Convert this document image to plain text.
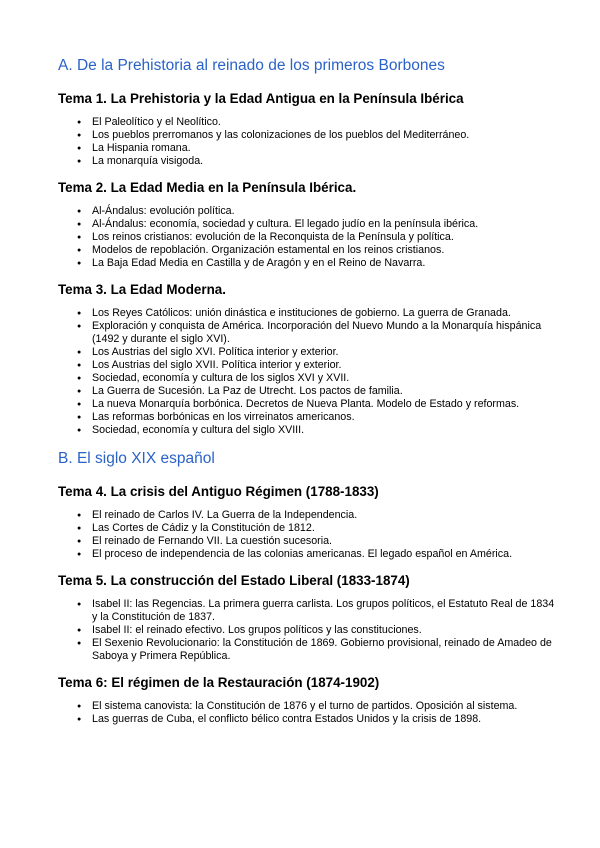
A. De la Prehistoria al reinado de los primeros Borbones
Tema 1. La Prehistoria y la Edad Antigua en la Península Ibérica
● El Paleolítico y el Neolítico.
● Los pueblos prerromanos y las colonizaciones de los pueblos del Mediterráneo.
● La Hispania romana.
● La monarquía visigoda.
Tema 2. La Edad Media en la Península Ibérica.
● Al-Ándalus: evolución política.
● Al-Ándalus: economía, sociedad y cultura. El legado judío en la península ibérica.
● Los reinos cristianos: evolución de la Reconquista de la Península y política.
● Modelos de repoblación. Organización estamental en los reinos cristianos.
● La Baja Edad Media en Castilla y de Aragón y en el Reino de Navarra.
Tema 3. La Edad Moderna.
● Los Reyes Católicos: unión dinástica e instituciones de gobierno. La guerra de Granada.
● Exploración y conquista de América. Incorporación del Nuevo Mundo a la Monarquía hispánica (1492 y durante el siglo XVI).
● Los Austrias del siglo XVI. Política interior y exterior.
● Los Austrias del siglo XVII. Política interior y exterior.
● Sociedad, economía y cultura de los siglos XVI y XVII.
● La Guerra de Sucesión. La Paz de Utrecht. Los pactos de familia.
● La nueva Monarquía borbónica. Decretos de Nueva Planta. Modelo de Estado y reformas.
● Las reformas borbónicas en los virreinatos americanos.
● Sociedad, economía y cultura del siglo XVIII.
B. El siglo XIX español
Tema 4. La crisis del Antiguo Régimen (1788-1833)
● El reinado de Carlos IV. La Guerra de la Independencia.
● Las Cortes de Cádiz y la Constitución de 1812.
● El reinado de Fernando VII. La cuestión sucesoria.
● El proceso de independencia de las colonias americanas. El legado español en América.
Tema 5. La construcción del Estado Liberal (1833-1874)
● Isabel II: las Regencias. La primera guerra carlista. Los grupos políticos, el Estatuto Real de 1834 y la Constitución de 1837.
● Isabel II: el reinado efectivo. Los grupos políticos y las constituciones.
● El Sexenio Revolucionario: la Constitución de 1869. Gobierno provisional, reinado de Amadeo de Saboya y Primera República.
Tema 6: El régimen de la Restauración (1874-1902)
● El sistema canovista: la Constitución de 1876 y el turno de partidos. Oposición al sistema.
● Las guerras de Cuba, el conflicto bélico contra Estados Unidos y la crisis de 1898.
